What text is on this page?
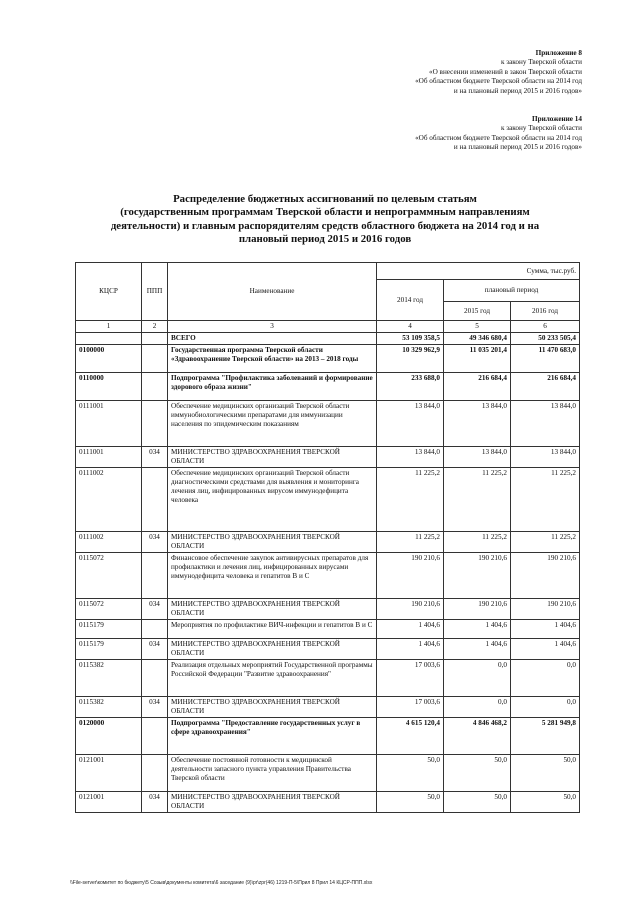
Приложение 8
к закону Тверской области
«О внесении изменений в закон Тверской области
«Об областном бюджете Тверской области на 2014 год
и на плановый период 2015 и 2016 годов»
Приложение 14
к закону Тверской области
«Об областном бюджете Тверской области на 2014 год
и на плановый период 2015 и 2016 годов»
Распределение бюджетных ассигнований по целевым статьям
(государственным программам Тверской области и непрограммным направлениям
деятельности) и главным распорядителям средств областного бюджета на 2014 год и на
плановый период 2015 и 2016 годов
КЦСР	ППП	Наименование	Сумма, тыс.руб.		
			2014 год	плановый период	
				2015 год	2016 год
1	2	3	4	5	6
		ВСЕГО	53 109 358,5	49 346 680,4	50 233 505,4
0100000		Государственная программа Тверской области «Здравоохранение Тверской области» на 2013 – 2018 годы	10 329 962,9	11 035 201,4	11 470 683,0
0110000		Подпрограмма "Профилактика заболеваний и формирование здорового образа жизни"	233 688,0	216 684,4	216 684,4
0111001		Обеспечение медицинских организаций Тверской области иммунобиологическими препаратами для иммунизации населения по эпидемическим показаниям	13 844,0	13 844,0	13 844,0
0111001	034	МИНИСТЕРСТВО ЗДРАВООХРАНЕНИЯ ТВЕРСКОЙ ОБЛАСТИ	13 844,0	13 844,0	13 844,0
0111002		Обеспечение медицинских организаций Тверской области диагностическими средствами для выявления и мониторинга лечения лиц, инфицированных вирусом иммунодефицита человека	11 225,2	11 225,2	11 225,2
0111002	034	МИНИСТЕРСТВО ЗДРАВООХРАНЕНИЯ ТВЕРСКОЙ ОБЛАСТИ	11 225,2	11 225,2	11 225,2
0115072		Финансовое обеспечение закупок антивирусных препаратов для профилактики и лечения лиц, инфицированных вирусами иммунодефицита человека и гепатитов В и С	190 210,6	190 210,6	190 210,6
0115072	034	МИНИСТЕРСТВО ЗДРАВООХРАНЕНИЯ ТВЕРСКОЙ ОБЛАСТИ	190 210,6	190 210,6	190 210,6
0115179		Мероприятия по профилактике ВИЧ-инфекции и гепатитов В и С	1 404,6	1 404,6	1 404,6
0115179	034	МИНИСТЕРСТВО ЗДРАВООХРАНЕНИЯ ТВЕРСКОЙ ОБЛАСТИ	1 404,6	1 404,6	1 404,6
0115382		Реализация отдельных мероприятий Государственной программы Российской Федерации "Развитие здравоохранения"	17 003,6	0,0	0,0
0115382	034	МИНИСТЕРСТВО ЗДРАВООХРАНЕНИЯ ТВЕРСКОЙ ОБЛАСТИ	17 003,6	0,0	0,0
0120000		Подпрограмма "Предоставление государственных услуг в сфере здравоохранения"	4 615 120,4	4 846 468,2	5 281 949,8
0121001		Обеспечение постоянной готовности к медицинской деятельности запасного пункта управления Правительства Тверской области	50,0	50,0	50,0
0121001	034	МИНИСТЕРСТВО ЗДРАВООХРАНЕНИЯ ТВЕРСКОЙ ОБЛАСТИ	50,0	50,0	50,0
\\File-server\комитет по бюджету\5 Созыв\документы комитета\6 заседание (9)\pr\zpr(46) 1219-П-5\Прил 8 Прил 14 КЦСР-ППП.xlsx
